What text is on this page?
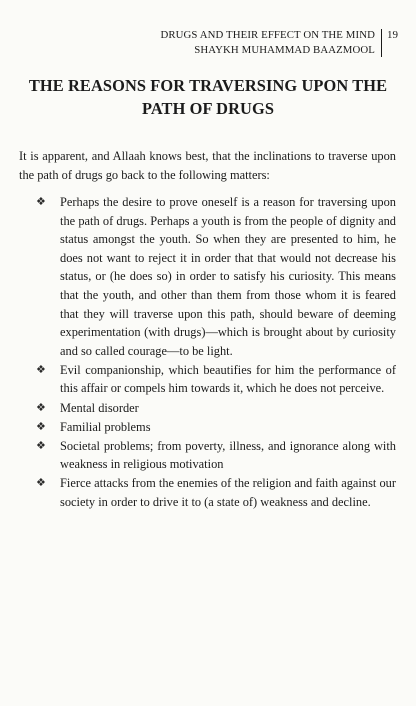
DRUGS AND THEIR EFFECT ON THE MIND
SHAYKH MUHAMMAD BAAZMOOL
19
THE REASONS FOR TRAVERSING UPON THE
PATH OF DRUGS

It is apparent, and Allaah knows best, that the inclinations to traverse upon the path of drugs go back to the following matters:

❖ Perhaps the desire to prove oneself is a reason for traversing upon the path of drugs. Perhaps a youth is from the people of dignity and status amongst the youth. So when they are presented to him, he does not want to reject it in order that that would not decrease his status, or (he does so) in order to satisfy his curiosity. This means that the youth, and other than them from those whom it is feared that they will traverse upon this path, should beware of deeming experimentation (with drugs)—which is brought about by curiosity and so called courage—to be light.
❖ Evil companionship, which beautifies for him the performance of this affair or compels him towards it, which he does not perceive.
❖ Mental disorder
❖ Familial problems
❖ Societal problems; from poverty, illness, and ignorance along with weakness in religious motivation
❖ Fierce attacks from the enemies of the religion and faith against our society in order to drive it to (a state of) weakness and decline.
